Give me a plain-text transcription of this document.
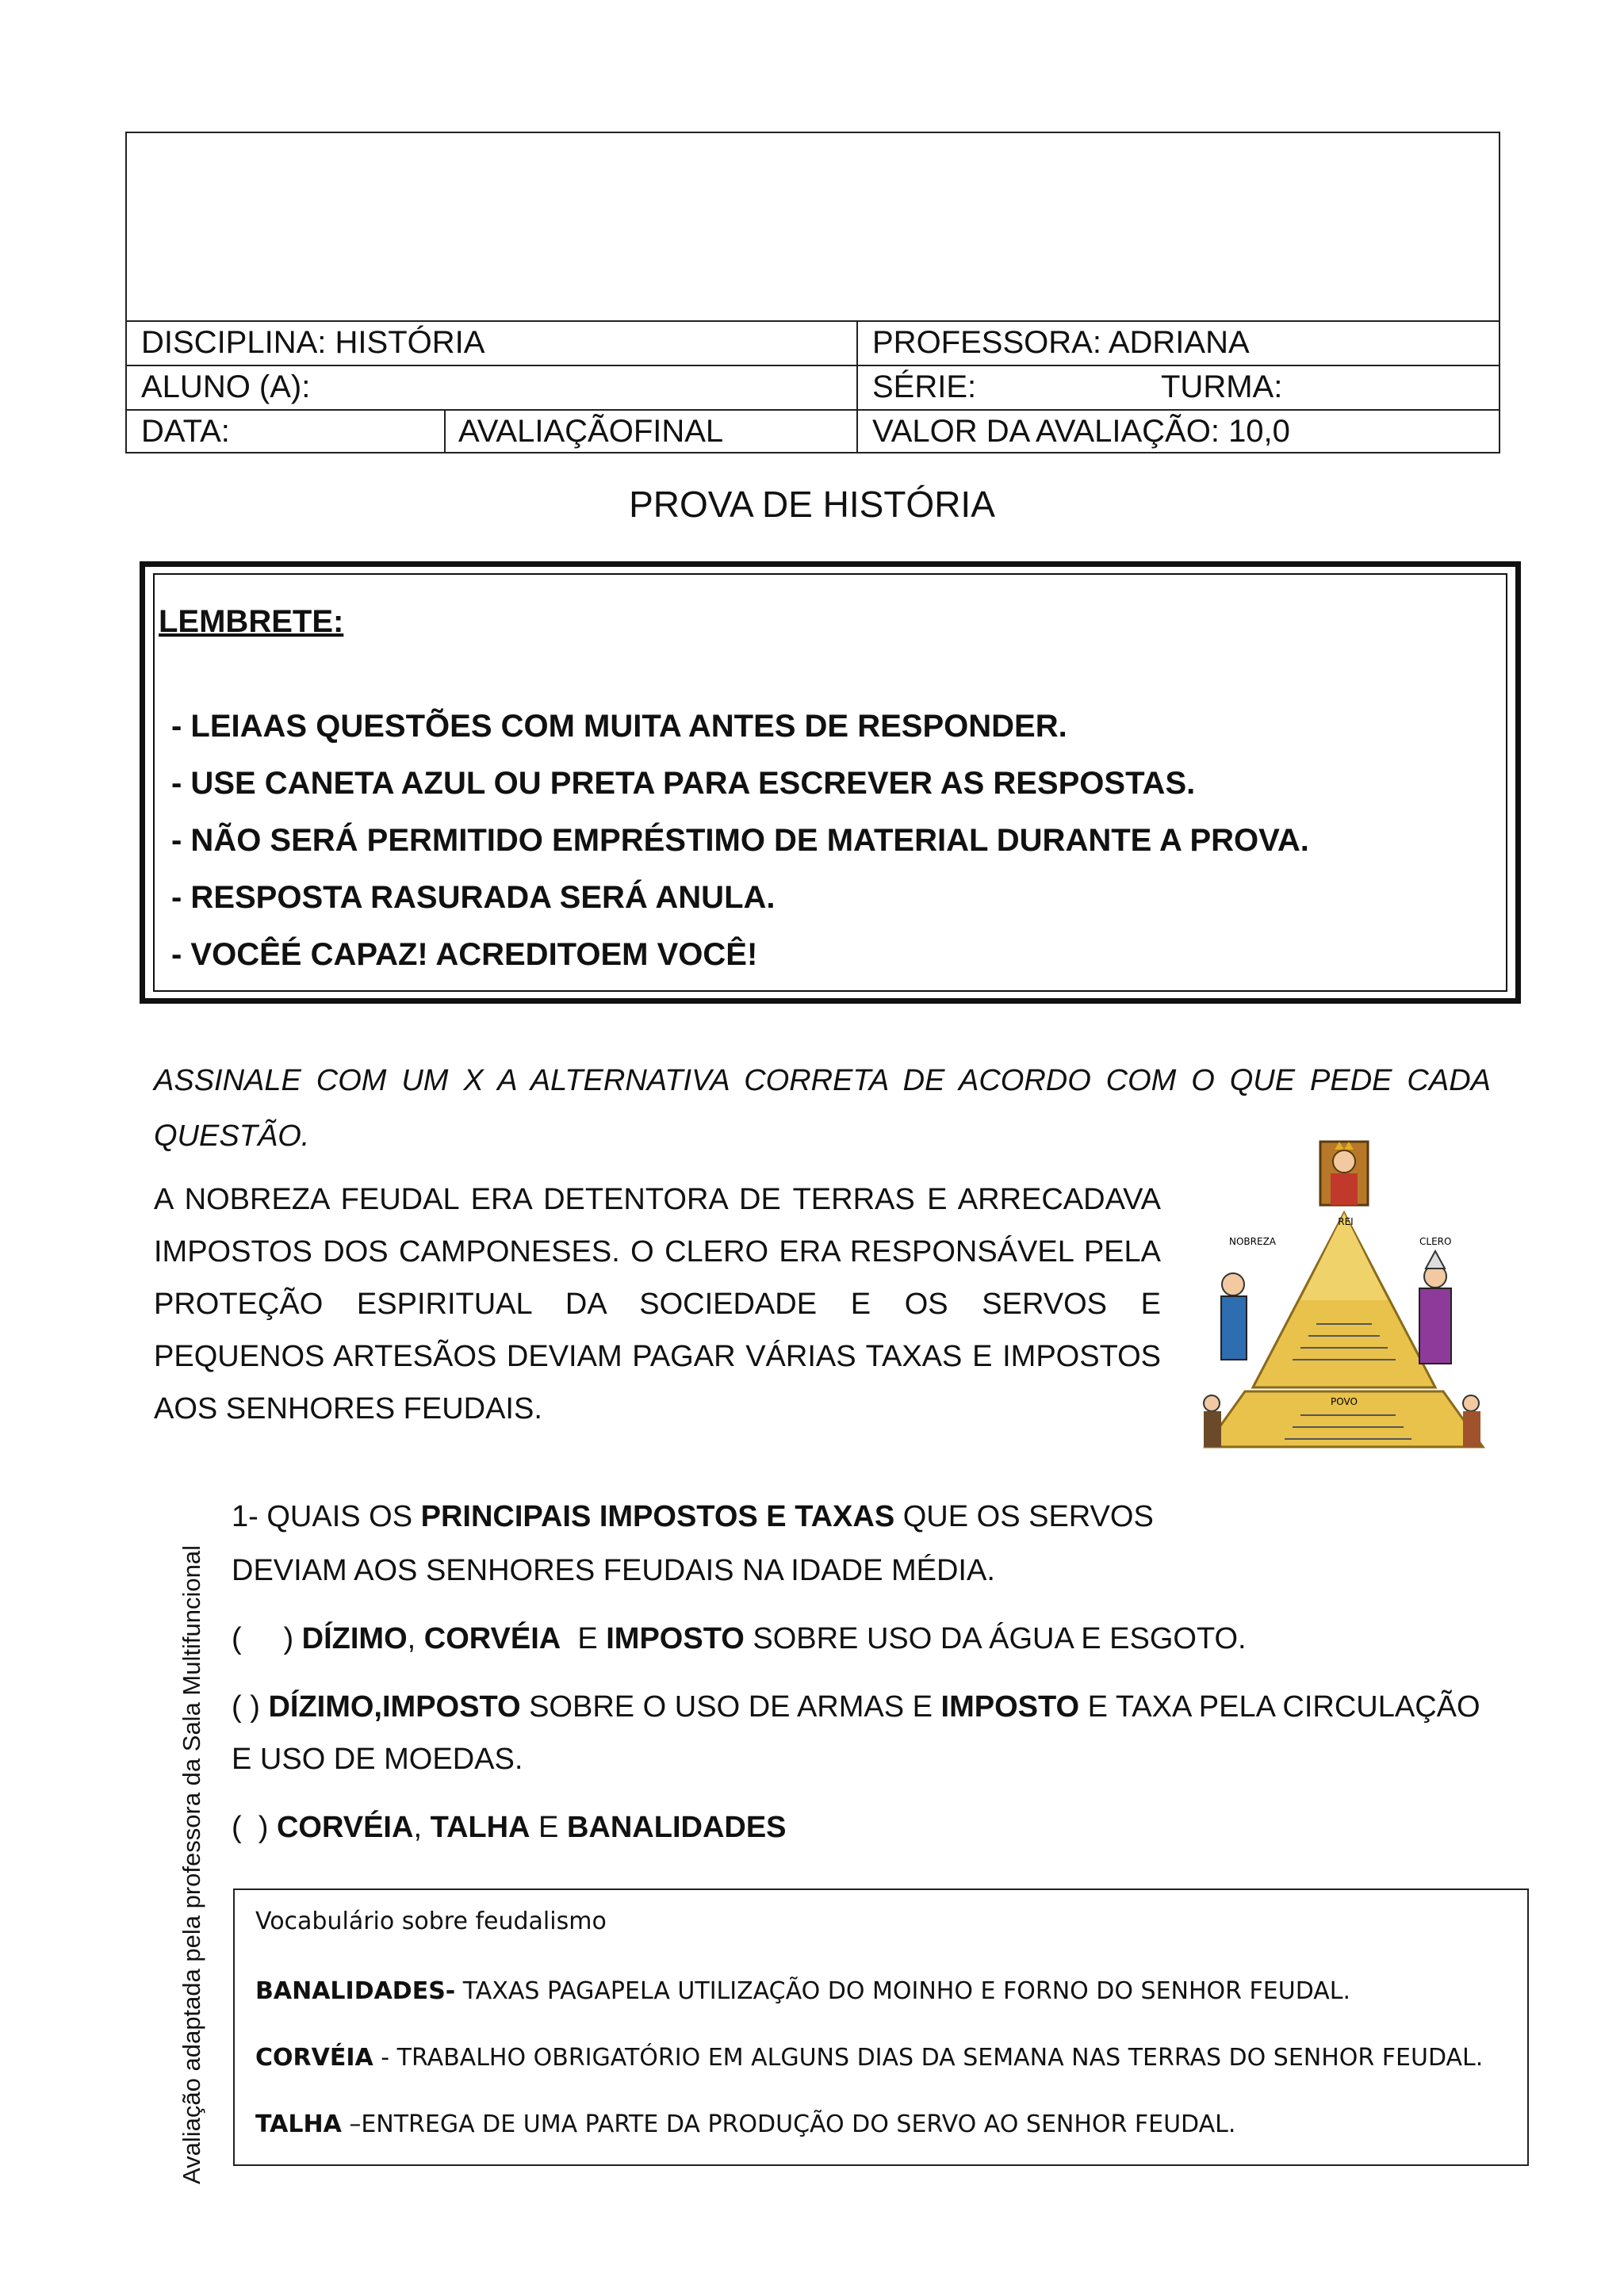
DISCIPLINA: HISTÓRIA	PROFESSORA: ADRIANA
ALUNO (A):	SÉRIE:	TURMA:
DATA:	AVALIAÇÃOFINAL	VALOR DA AVALIAÇÃO: 10,0
PROVA DE HISTÓRIA
LEMBRETE:
- LEIAAS QUESTÕES COM MUITA ANTES DE RESPONDER.
- USE CANETA AZUL OU PRETA PARA ESCREVER AS RESPOSTAS.
- NÃO SERÁ PERMITIDO EMPRÉSTIMO DE MATERIAL DURANTE A PROVA.
- RESPOSTA RASURADA SERÁ ANULA.
- VOCÊÉ CAPAZ! ACREDITOEM VOCÊ!
ASSINALE COM UM X A ALTERNATIVA CORRETA DE ACORDO COM O QUE PEDE CADA QUESTÃO.
A NOBREZA FEUDAL ERA DETENTORA DE TERRAS E ARRECADAVA IMPOSTOS DOS CAMPONESES. O CLERO ERA RESPONSÁVEL PELA PROTEÇÃO ESPIRITUAL DA SOCIEDADE E OS SERVOS E PEQUENOS ARTESÃOS DEVIAM PAGAR VÁRIAS TAXAS E IMPOSTOS AOS SENHORES FEUDAIS.
REI
NOBREZA	CLERO
POVO
Avaliação adaptada pela professora da Sala Multifuncional
1- QUAIS OS PRINCIPAIS IMPOSTOS E TAXAS QUE OS SERVOS
DEVIAM AOS SENHORES FEUDAIS NA IDADE MÉDIA.
(     ) DÍZIMO, CORVÉIA  E IMPOSTO SOBRE USO DA ÁGUA E ESGOTO.
( ) DÍZIMO,IMPOSTO SOBRE O USO DE ARMAS E IMPOSTO E TAXA PELA CIRCULAÇÃO
E USO DE MOEDAS.
(  ) CORVÉIA, TALHA E BANALIDADES
Vocabulário sobre feudalismo
BANALIDADES- TAXAS PAGAPELA UTILIZAÇÃO DO MOINHO E FORNO DO SENHOR FEUDAL.
CORVÉIA - TRABALHO OBRIGATÓRIO EM ALGUNS DIAS DA SEMANA NAS TERRAS DO SENHOR FEUDAL.
TALHA –ENTREGA DE UMA PARTE DA PRODUÇÃO DO SERVO AO SENHOR FEUDAL.
